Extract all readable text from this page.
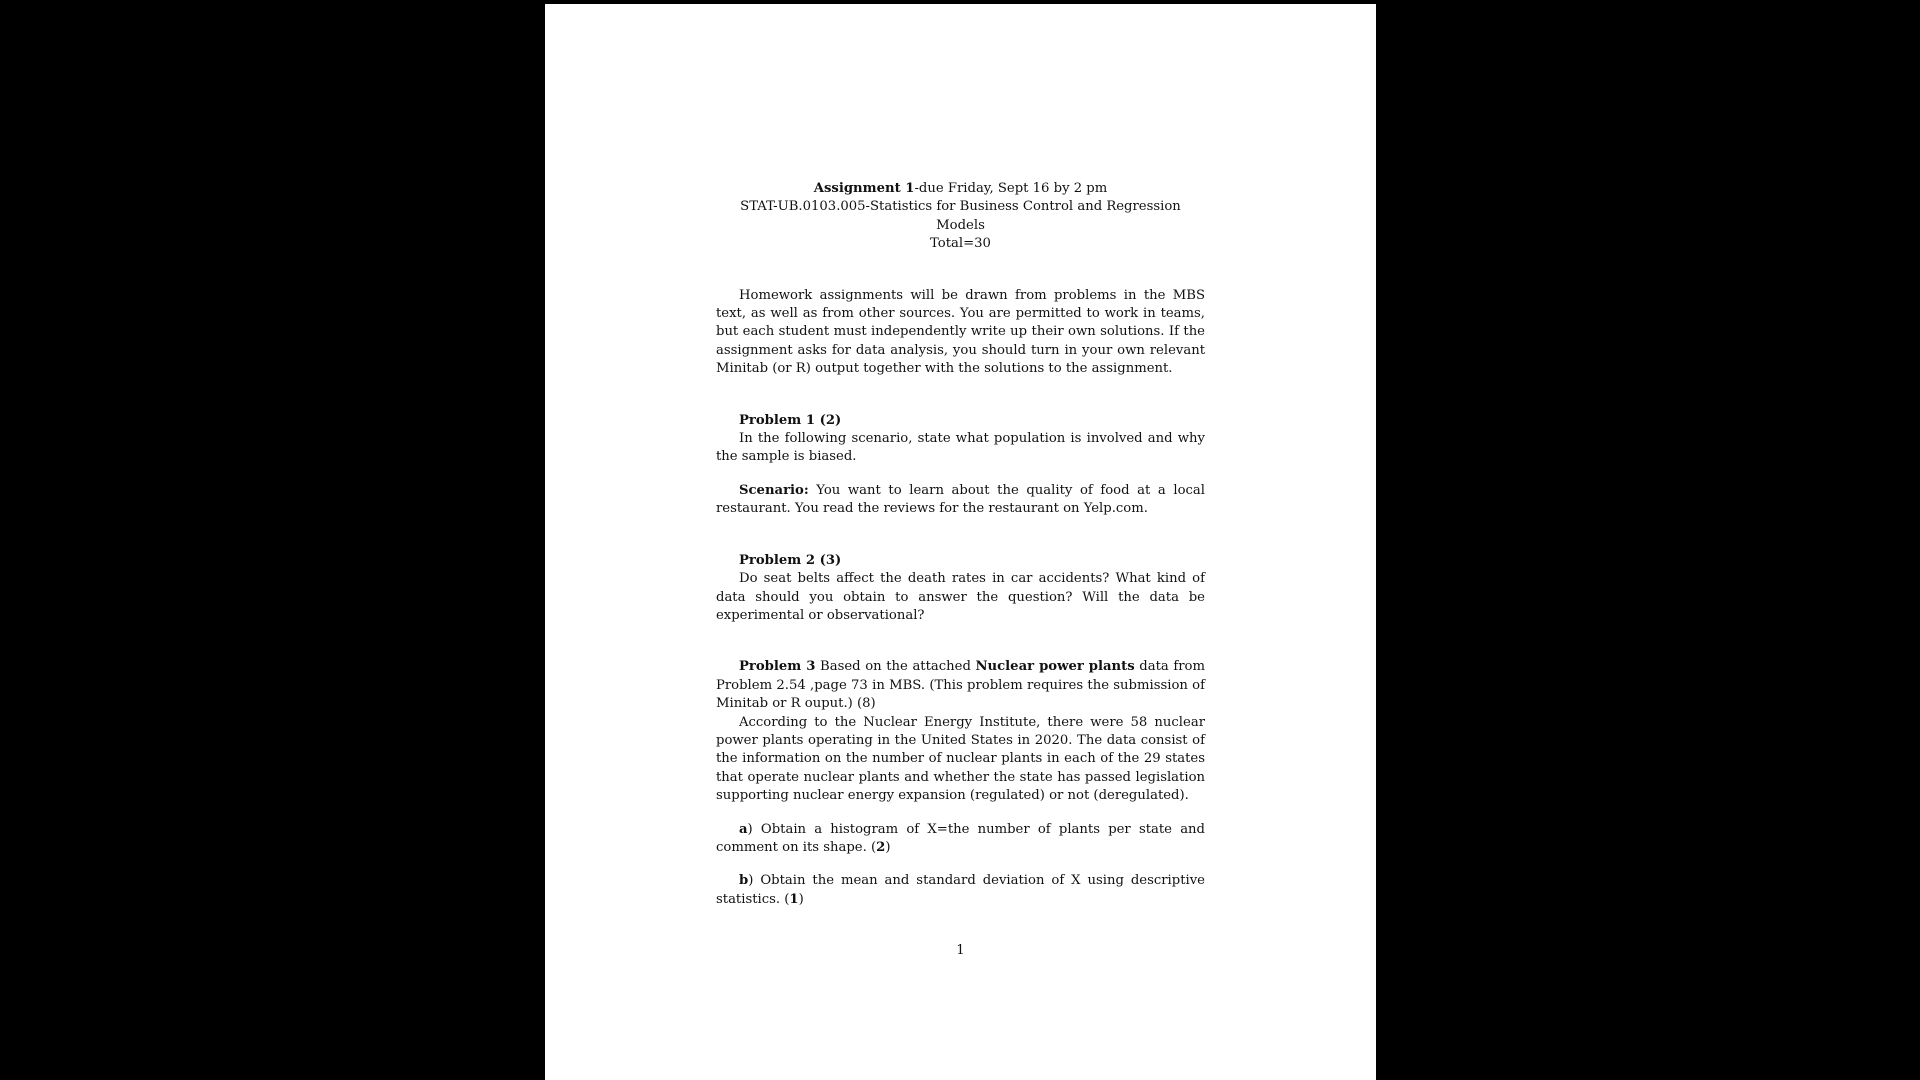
Assignment 1-due Friday, Sept 16 by 2 pm
STAT-UB.0103.005-Statistics for Business Control and Regression Models
Total=30

Homework assignments will be drawn from problems in the MBS text, as well as from other sources. You are permitted to work in teams, but each student must independently write up their own solutions. If the assignment asks for data analysis, you should turn in your own relevant Minitab (or R) output together with the solutions to the assignment.

Problem 1 (2)

In the following scenario, state what population is involved and why the sample is biased.

Scenario: You want to learn about the quality of food at a local restaurant. You read the reviews for the restaurant on Yelp.com.

Problem 2 (3)

Do seat belts affect the death rates in car accidents? What kind of data should you obtain to answer the question? Will the data be experimental or observational?

Problem 3 Based on the attached Nuclear power plants data from Problem 2.54 ,page 73 in MBS. (This problem requires the submission of Minitab or R ouput.) (8)

According to the Nuclear Energy Institute, there were 58 nuclear power plants operating in the United States in 2020. The data consist of the information on the number of nuclear plants in each of the 29 states that operate nuclear plants and whether the state has passed legislation supporting nuclear energy expansion (regulated) or not (deregulated).

a) Obtain a histogram of X=the number of plants per state and comment on its shape. (2)

b) Obtain the mean and standard deviation of X using descriptive statistics. (1)

1
